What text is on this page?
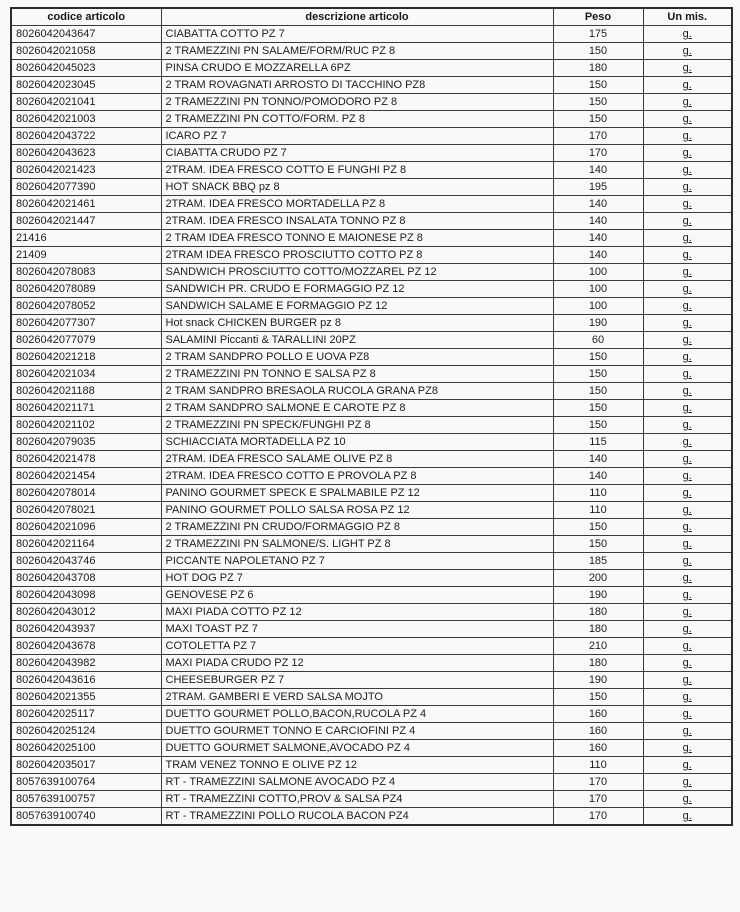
codice articolo	descrizione articolo	Peso	Un mis.
8026042043647	CIABATTA COTTO PZ 7	175	g.
8026042021058	2 TRAMEZZINI PN SALAME/FORM/RUC PZ 8	150	g.
8026042045023	PINSA CRUDO E MOZZARELLA 6PZ	180	g.
8026042023045	2 TRAM ROVAGNATI ARROSTO DI TACCHINO PZ8	150	g.
8026042021041	2 TRAMEZZINI PN TONNO/POMODORO PZ 8	150	g.
8026042021003	2 TRAMEZZINI PN COTTO/FORM. PZ 8	150	g.
8026042043722	ICARO PZ 7	170	g.
8026042043623	CIABATTA CRUDO PZ 7	170	g.
8026042021423	2TRAM. IDEA FRESCO COTTO E FUNGHI PZ 8	140	g.
8026042077390	HOT SNACK BBQ pz 8	195	g.
8026042021461	2TRAM. IDEA FRESCO MORTADELLA PZ 8	140	g.
8026042021447	2TRAM. IDEA FRESCO INSALATA TONNO PZ 8	140	g.
21416	2 TRAM IDEA FRESCO TONNO E MAIONESE PZ 8	140	g.
21409	2TRAM IDEA FRESCO PROSCIUTTO COTTO PZ 8	140	g.
8026042078083	SANDWICH PROSCIUTTO COTTO/MOZZAREL PZ 12	100	g.
8026042078089	SANDWICH PR. CRUDO E FORMAGGIO PZ 12	100	g.
8026042078052	SANDWICH SALAME E FORMAGGIO PZ 12	100	g.
8026042077307	Hot snack CHICKEN BURGER pz 8	190	g.
8026042077079	SALAMINI Piccanti & TARALLINI 20PZ	60	g.
8026042021218	2 TRAM SANDPRO POLLO E UOVA PZ8	150	g.
8026042021034	2 TRAMEZZINI PN TONNO E SALSA PZ 8	150	g.
8026042021188	2 TRAM SANDPRO BRESAOLA RUCOLA GRANA PZ8	150	g.
8026042021171	2 TRAM SANDPRO SALMONE E CAROTE PZ 8	150	g.
8026042021102	2 TRAMEZZINI PN SPECK/FUNGHI PZ 8	150	g.
8026042079035	SCHIACCIATA MORTADELLA PZ 10	115	g.
8026042021478	2TRAM. IDEA FRESCO SALAME OLIVE PZ 8	140	g.
8026042021454	2TRAM. IDEA FRESCO COTTO E PROVOLA PZ 8	140	g.
8026042078014	PANINO GOURMET SPECK E SPALMABILE PZ 12	110	g.
8026042078021	PANINO GOURMET POLLO SALSA ROSA PZ 12	110	g.
8026042021096	2 TRAMEZZINI PN CRUDO/FORMAGGIO PZ 8	150	g.
8026042021164	2 TRAMEZZINI PN SALMONE/S. LIGHT PZ 8	150	g.
8026042043746	PICCANTE NAPOLETANO PZ 7	185	g.
8026042043708	HOT DOG PZ 7	200	g.
8026042043098	GENOVESE PZ 6	190	g.
8026042043012	MAXI PIADA COTTO PZ 12	180	g.
8026042043937	MAXI TOAST PZ 7	180	g.
8026042043678	COTOLETTA PZ 7	210	g.
8026042043982	MAXI PIADA CRUDO PZ 12	180	g.
8026042043616	CHEESEBURGER PZ 7	190	g.
8026042021355	2TRAM. GAMBERI E VERD SALSA MOJTO	150	g.
8026042025117	DUETTO GOURMET POLLO,BACON,RUCOLA PZ 4	160	g.
8026042025124	DUETTO GOURMET TONNO E CARCIOFINI PZ 4	160	g.
8026042025100	DUETTO GOURMET SALMONE,AVOCADO PZ 4	160	g.
8026042035017	TRAM VENEZ TONNO E OLIVE PZ 12	110	g.
8057639100764	RT - TRAMEZZINI SALMONE AVOCADO PZ 4	170	g.
8057639100757	RT - TRAMEZZINI COTTO,PROV & SALSA PZ4	170	g.
8057639100740	RT - TRAMEZZINI POLLO RUCOLA BACON PZ4	170	g.
